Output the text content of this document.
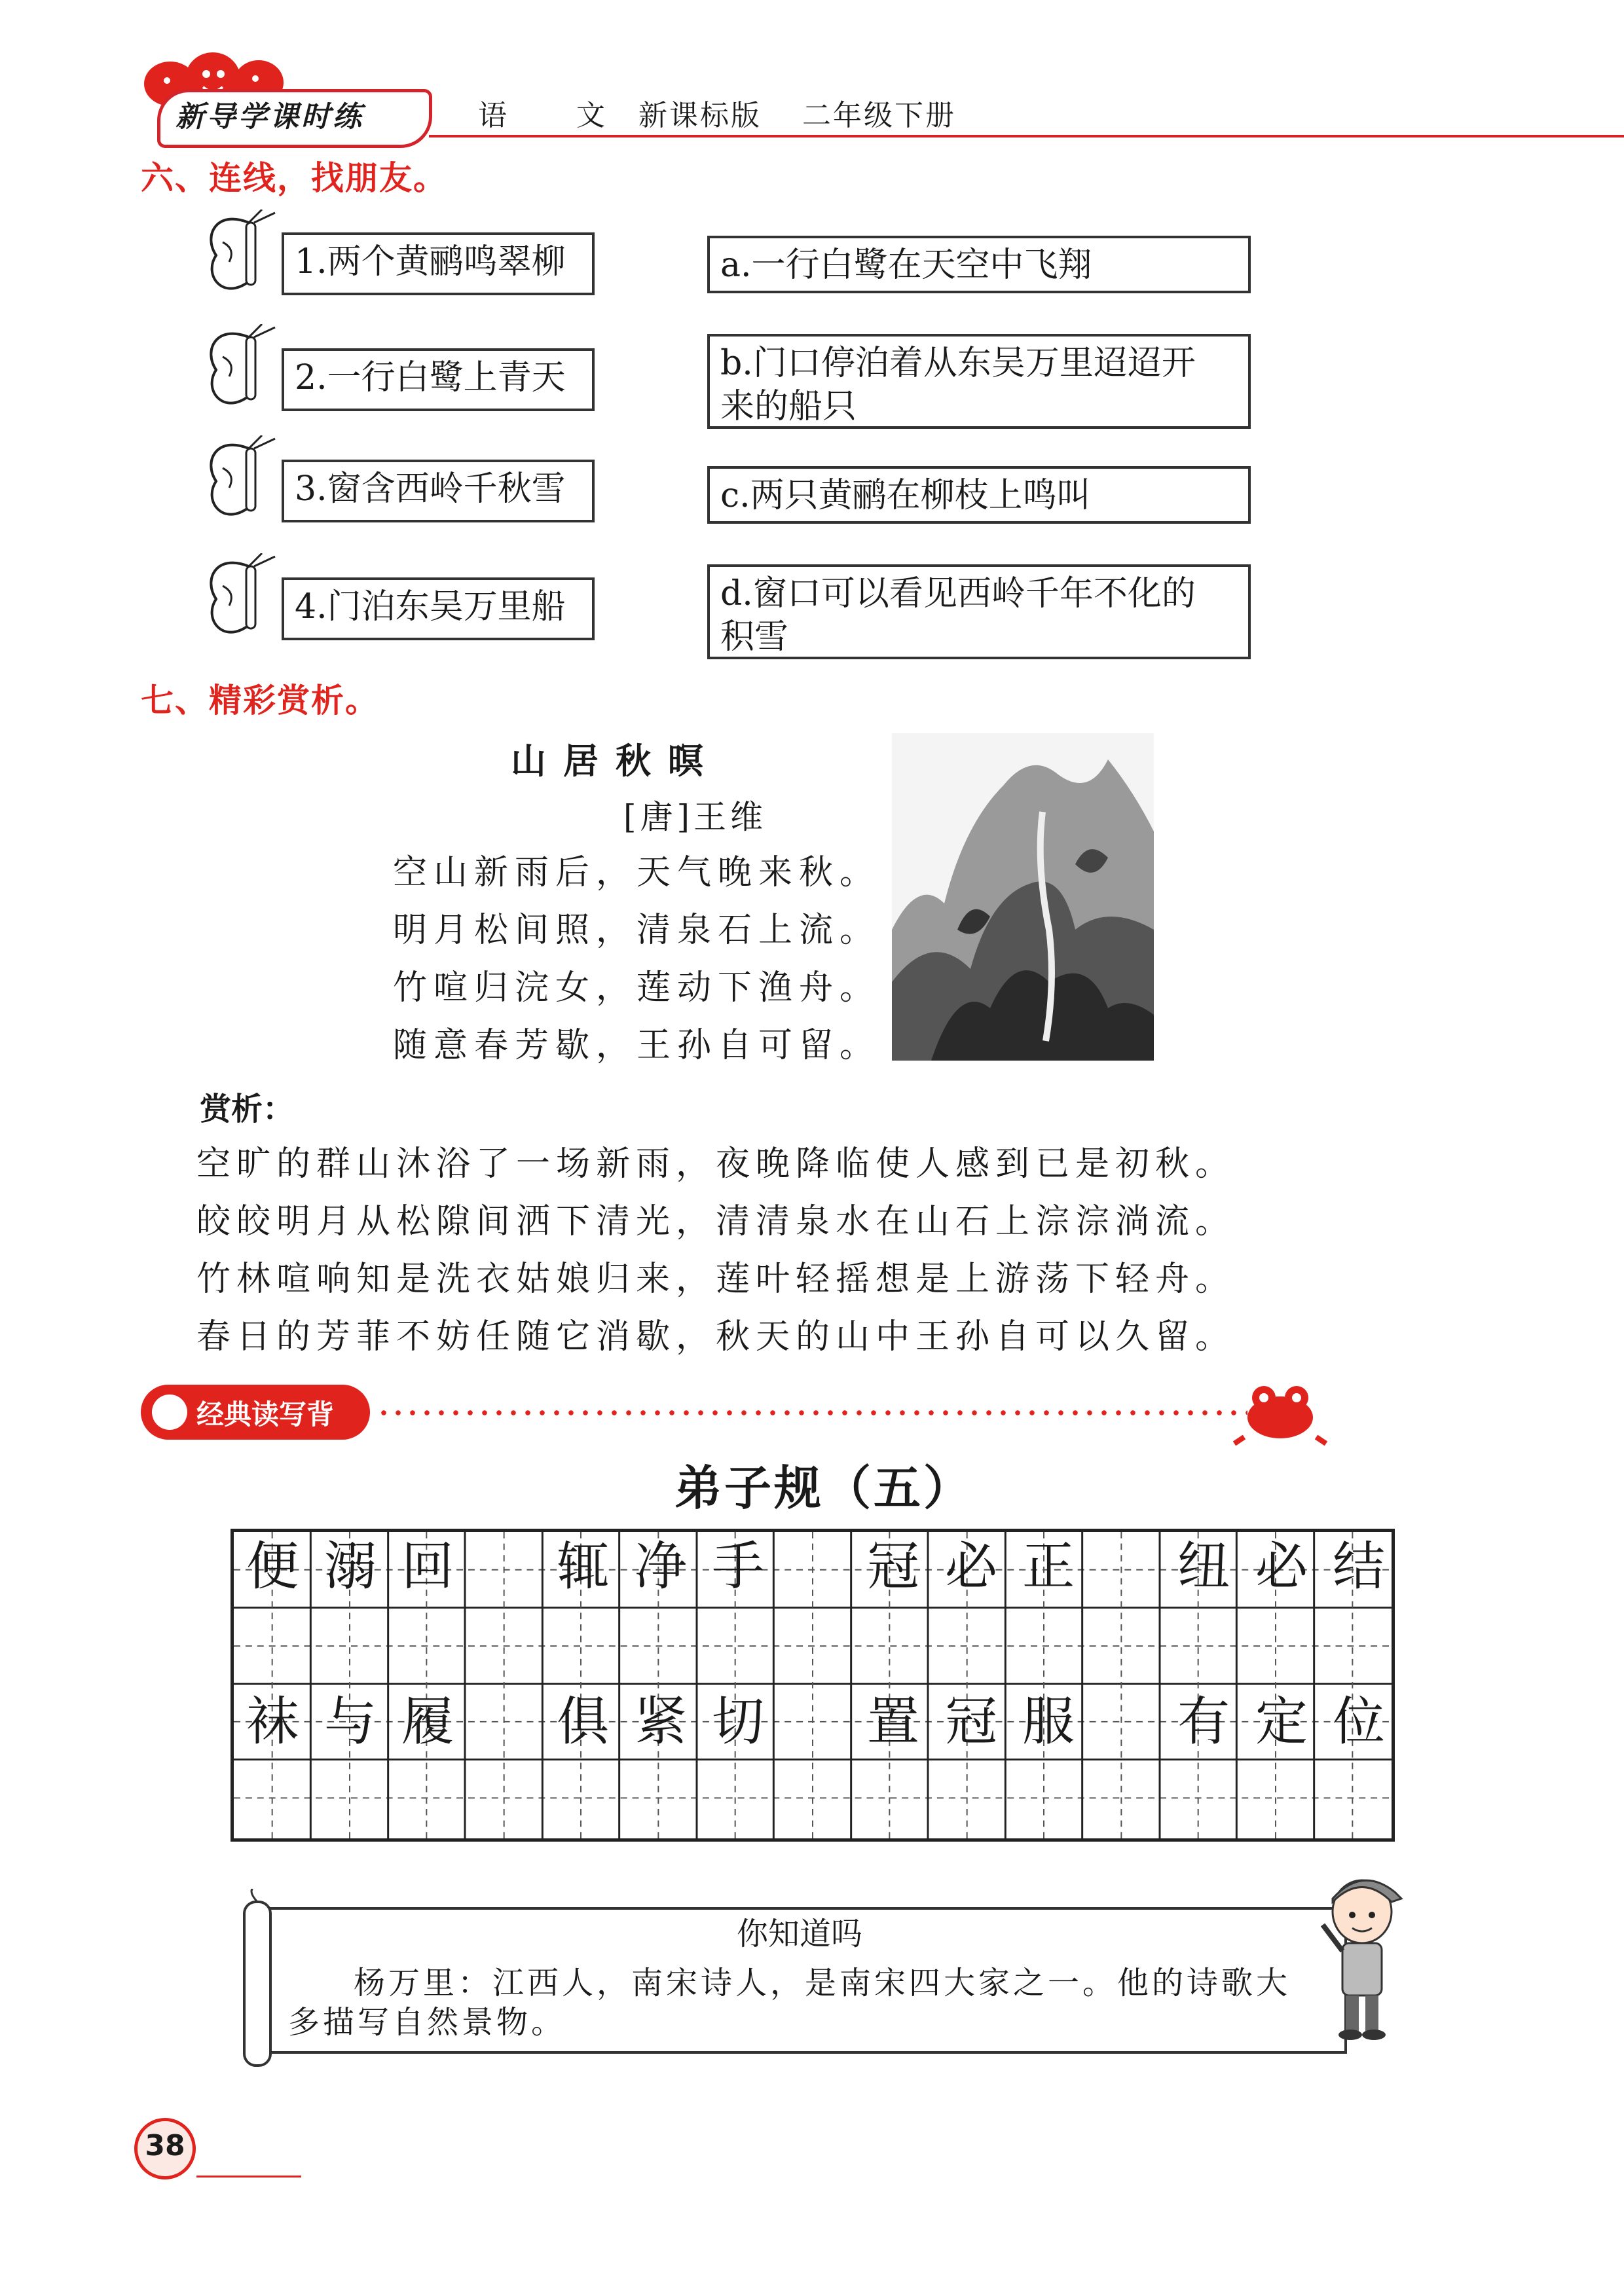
新导学课时练	语 文 新课标版 二年级下册
六、连线，找朋友。
1.两个黄鹂鸣翠柳
2.一行白鹭上青天
3.窗含西岭千秋雪
4.门泊东吴万里船
a.一行白鹭在天空中飞翔
b.门口停泊着从东吴万里迢迢开
来的船只
c.两只黄鹂在柳枝上鸣叫
d.窗口可以看见西岭千年不化的
积雪
七、精彩赏析。
山居秋暝
[唐]王维
空山新雨后，天气晚来秋。
明月松间照，清泉石上流。
竹喧归浣女，莲动下渔舟。
随意春芳歇，王孙自可留。
赏析：
空旷的群山沐浴了一场新雨，夜晚降临使人感到已是初秋。
皎皎明月从松隙间洒下清光，清清泉水在山石上淙淙淌流。
竹林喧响知是洗衣姑娘归来，莲叶轻摇想是上游荡下轻舟。
春日的芳菲不妨任随它消歇，秋天的山中王孙自可以久留。
经典读写背
弟子规（五）
便 溺 回 辄 净 手 冠 必 正 纽 必 结
袜 与 履 俱 紧 切 置 冠 服 有 定 位
你知道吗
杨万里：江西人，南宋诗人，是南宋四大家之一。他的诗歌大
多描写自然景物。
38
